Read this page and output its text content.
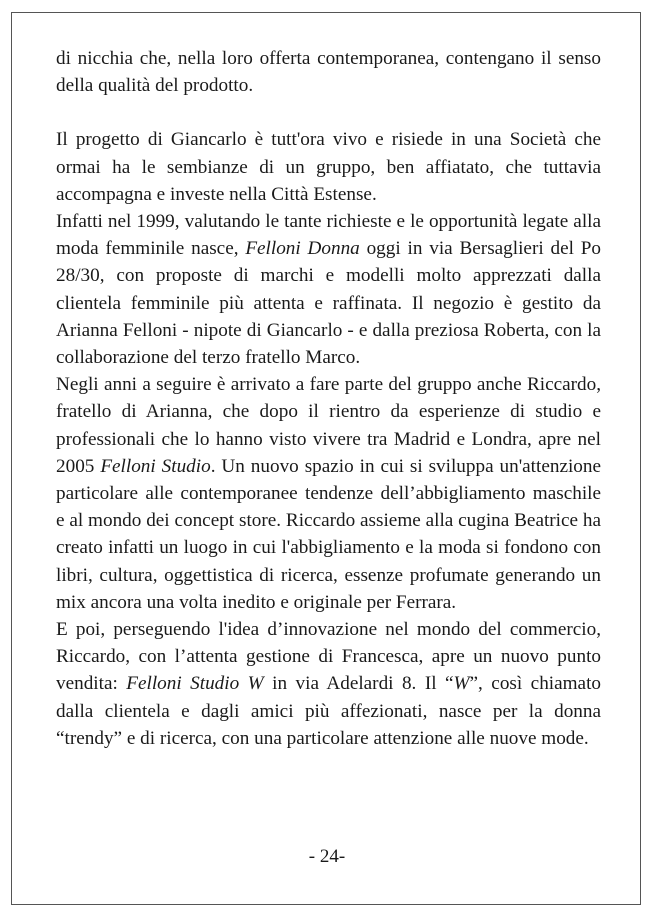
di nicchia che, nella loro offerta contemporanea, contengano il senso della qualità del prodotto.

Il progetto di Giancarlo è tutt'ora vivo e risiede in una Società che ormai ha le sembianze di un gruppo, ben affiatato, che tuttavia accompagna e investe nella Città Estense.

Infatti nel 1999, valutando le tante richieste e le opportunità legate alla moda femminile nasce, Felloni Donna oggi in via Bersaglieri del Po 28/30, con proposte di marchi e modelli molto apprezzati dalla clientela femminile più attenta e raffinata. Il negozio è gestito da Arianna Felloni - nipote di Giancarlo - e dalla preziosa Roberta, con la collaborazione del terzo fratello Marco.

Negli anni a seguire è arrivato a fare parte del gruppo anche Riccardo, fratello di Arianna, che dopo il rientro da esperienze di studio e professionali che lo hanno visto vivere tra Madrid e Londra, apre nel 2005 Felloni Studio. Un nuovo spazio in cui si sviluppa un'attenzione particolare alle contemporanee tendenze dell’abbigliamento maschile e al mondo dei concept store. Riccardo assieme alla cugina Beatrice ha creato infatti un luogo in cui l'abbigliamento e la moda si fondono con libri, cultura, oggettistica di ricerca, essenze profumate generando un mix ancora una volta inedito e originale per Ferrara.

E poi, perseguendo l'idea d’innovazione nel mondo del commercio, Riccardo, con l’attenta gestione di Francesca, apre un nuovo punto vendita: Felloni Studio W in via Adelardi 8. Il “W”, così chiamato dalla clientela e dagli amici più affezionati, nasce per la donna “trendy” e di ricerca, con una particolare attenzione alle nuove mode.

- 24-
